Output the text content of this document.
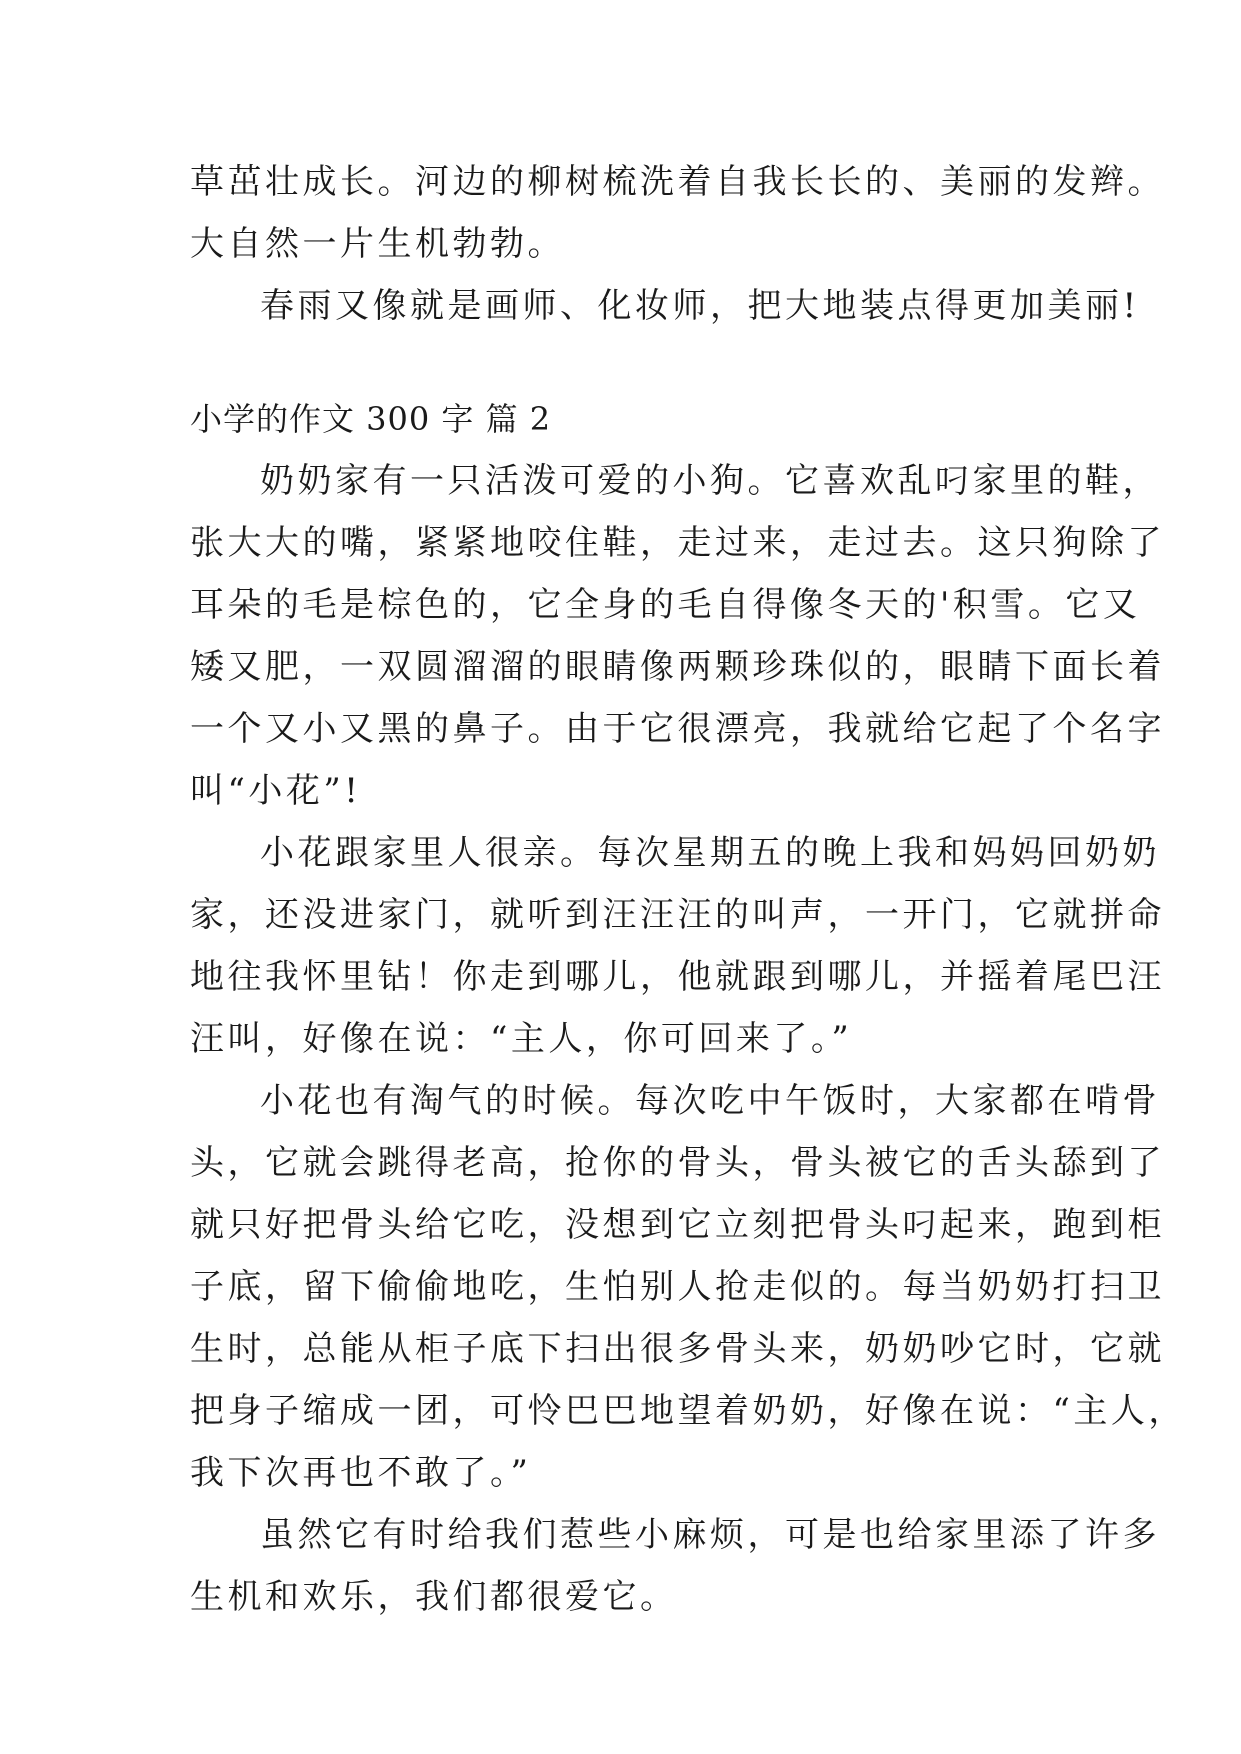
草茁壮成长。河边的柳树梳洗着自我长长的、美丽的发辫。
大自然一片生机勃勃。
春雨又像就是画师、化妆师，把大地装点得更加美丽!
小学的作文 300 字 篇 2
奶奶家有一只活泼可爱的小狗。它喜欢乱叼家里的鞋，
张大大的嘴，紧紧地咬住鞋，走过来，走过去。这只狗除了
耳朵的毛是棕色的，它全身的毛自得像冬天的'积雪。它又
矮又肥，一双圆溜溜的眼睛像两颗珍珠似的，眼睛下面长着
一个又小又黑的鼻子。由于它很漂亮，我就给它起了个名字
叫“小花”!
小花跟家里人很亲。每次星期五的晚上我和妈妈回奶奶
家，还没进家门，就听到汪汪汪的叫声，一开门，它就拼命
地往我怀里钻！你走到哪儿，他就跟到哪儿，并摇着尾巴汪
汪叫，好像在说：“主人，你可回来了。”
小花也有淘气的时候。每次吃中午饭时，大家都在啃骨
头，它就会跳得老高，抢你的骨头，骨头被它的舌头舔到了
就只好把骨头给它吃，没想到它立刻把骨头叼起来，跑到柜
子底，留下偷偷地吃，生怕别人抢走似的。每当奶奶打扫卫
生时，总能从柜子底下扫出很多骨头来，奶奶吵它时，它就
把身子缩成一团，可怜巴巴地望着奶奶，好像在说：“主人，
我下次再也不敢了。”
虽然它有时给我们惹些小麻烦，可是也给家里添了许多
生机和欢乐，我们都很爱它。
